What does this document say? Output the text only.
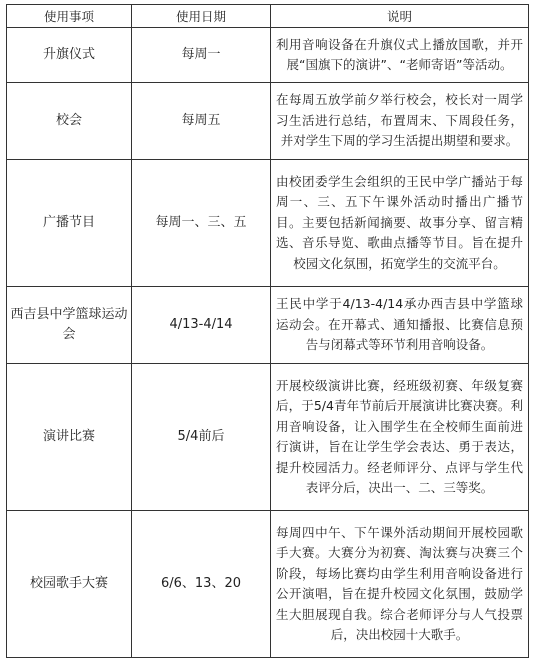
使用事项	使用日期	说明
升旗仪式	每周一	利用音响设备在升旗仪式上播放国歌，并开展“国旗下的演讲”、“老师寄语”等活动。
校会	每周五	在每周五放学前夕举行校会，校长对一周学习生活进行总结，布置周末、下周段任务，并对学生下周的学习生活提出期望和要求。
广播节目	每周一、三、五	由校团委学生会组织的王民中学广播站于每周一、三、五下午课外活动时播出广播节目。主要包括新闻摘要、故事分享、留言精选、音乐导览、歌曲点播等节目。旨在提升校园文化氛围，拓宽学生的交流平台。
西吉县中学篮球运动会	4/13-4/14	王民中学于4/13-4/14承办西吉县中学篮球运动会。在开幕式、通知播报、比赛信息预告与闭幕式等环节利用音响设备。
演讲比赛	5/4前后	开展校级演讲比赛，经班级初赛、年级复赛后，于5/4青年节前后开展演讲比赛决赛。利用音响设备，让入围学生在全校师生面前进行演讲，旨在让学生学会表达、勇于表达，提升校园活力。经老师评分、点评与学生代表评分后，决出一、二、三等奖。
校园歌手大赛	6/6、13、20	每周四中午、下午课外活动期间开展校园歌手大赛。大赛分为初赛、淘汰赛与决赛三个阶段，每场比赛均由学生利用音响设备进行公开演唱，旨在提升校园文化氛围，鼓励学生大胆展现自我。综合老师评分与人气投票后，决出校园十大歌手。
